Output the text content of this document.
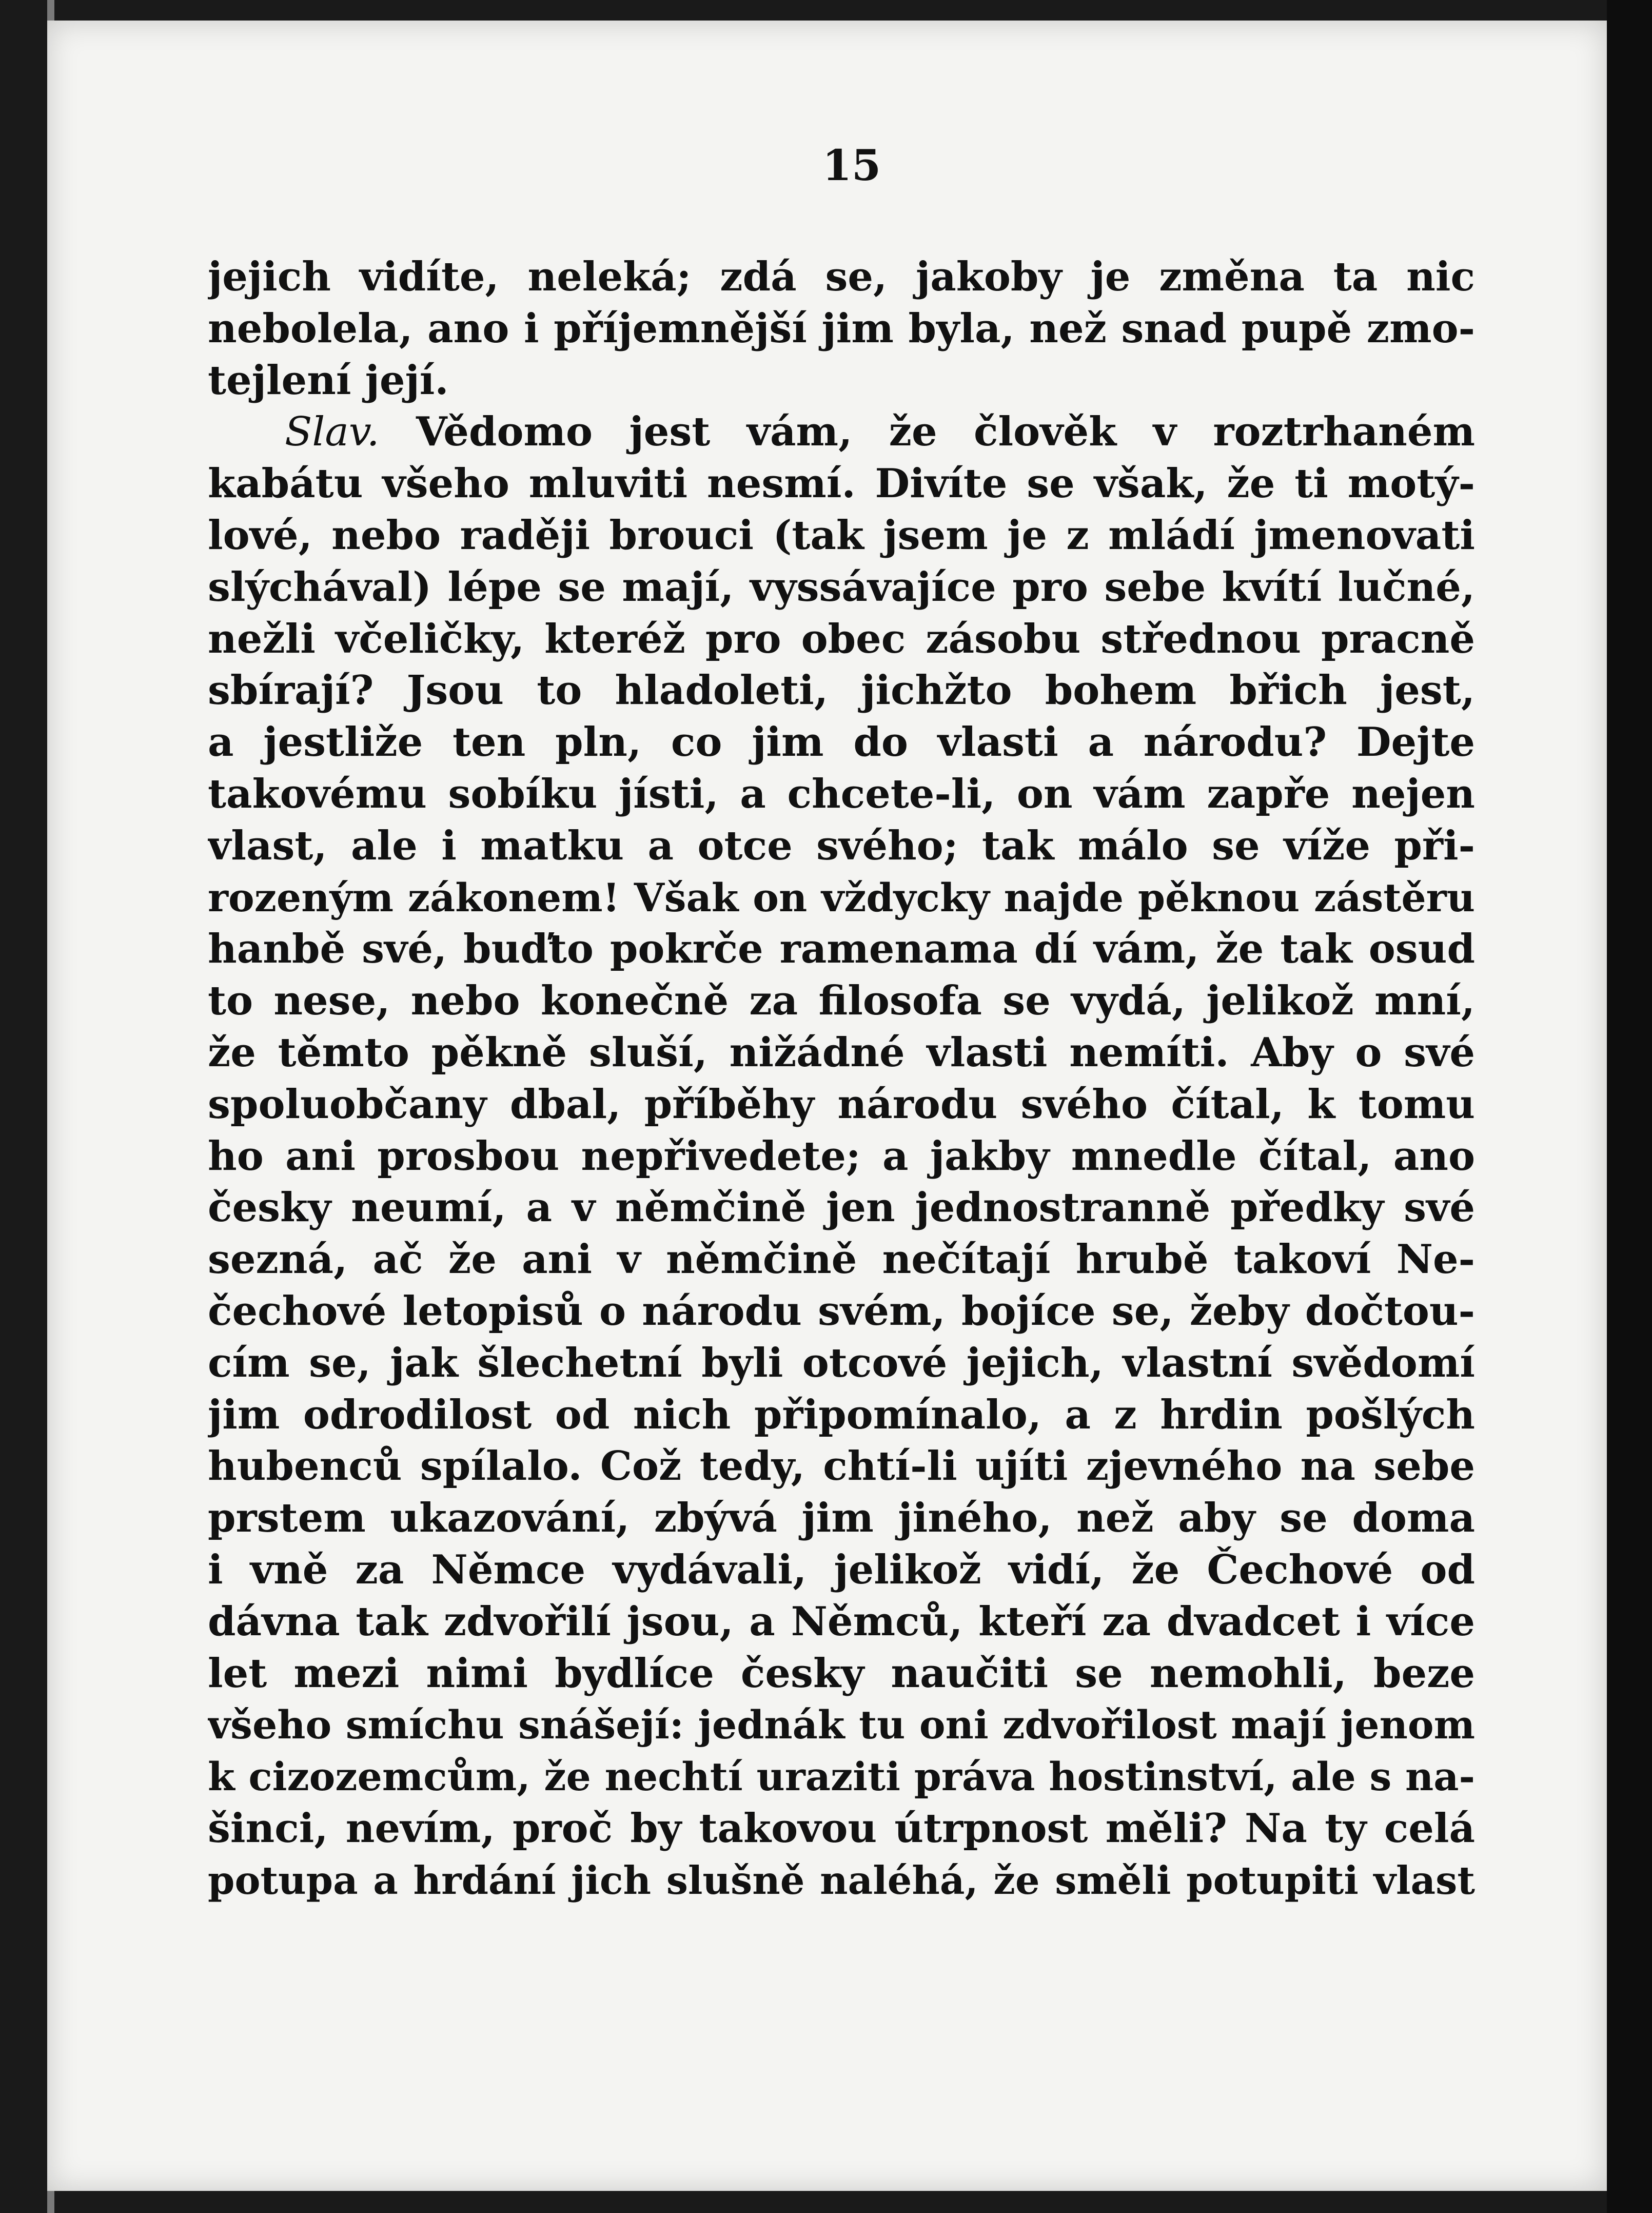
15
jejich vidíte, neleká; zdá se, jakoby je změna ta nic
nebolela, ano i příjemnější jim byla, než snad pupě zmo-
tejlení její.
Slav. Vědomo jest vám, že člověk v roztrhaném
kabátu všeho mluviti nesmí. Divíte se však, že ti motý-
lové, nebo raději brouci (tak jsem je z mládí jmenovati
slýchával) lépe se mají, vyssávajíce pro sebe kvítí lučné,
nežli včeličky, kteréž pro obec zásobu střednou pracně
sbírají? Jsou to hladoleti, jichžto bohem břich jest,
a jestliže ten pln, co jim do vlasti a národu? Dejte
takovému sobíku jísti, a chcete-li, on vám zapře nejen
vlast, ale i matku a otce svého; tak málo se víže při-
rozeným zákonem! Však on vždycky najde pěknou zástěru
hanbě své, buďto pokrče ramenama dí vám, že tak osud
to nese, nebo konečně za filosofa se vydá, jelikož mní,
že těmto pěkně sluší, nižádné vlasti nemíti. Aby o své
spoluobčany dbal, příběhy národu svého čítal, k tomu
ho ani prosbou nepřivedete; a jakby mnedle čítal, ano
česky neumí, a v němčině jen jednostranně předky své
sezná, ač že ani v němčině nečítají hrubě takoví Ne-
čechové letopisů o národu svém, bojíce se, žeby dočtou-
cím se, jak šlechetní byli otcové jejich, vlastní svědomí
jim odrodilost od nich připomínalo, a z hrdin pošlých
hubenců spílalo. Což tedy, chtí-li ujíti zjevného na sebe
prstem ukazování, zbývá jim jiného, než aby se doma
i vně za Němce vydávali, jelikož vidí, že Čechové od
dávna tak zdvořilí jsou, a Němců, kteří za dvadcet i více
let mezi nimi bydlíce česky naučiti se nemohli, beze
všeho smíchu snášejí: jednák tu oni zdvořilost mají jenom
k cizozemcům, že nechtí uraziti práva hostinství, ale s na-
šinci, nevím, proč by takovou útrpnost měli? Na ty celá
potupa a hrdání jich slušně naléhá, že směli potupiti vlast
